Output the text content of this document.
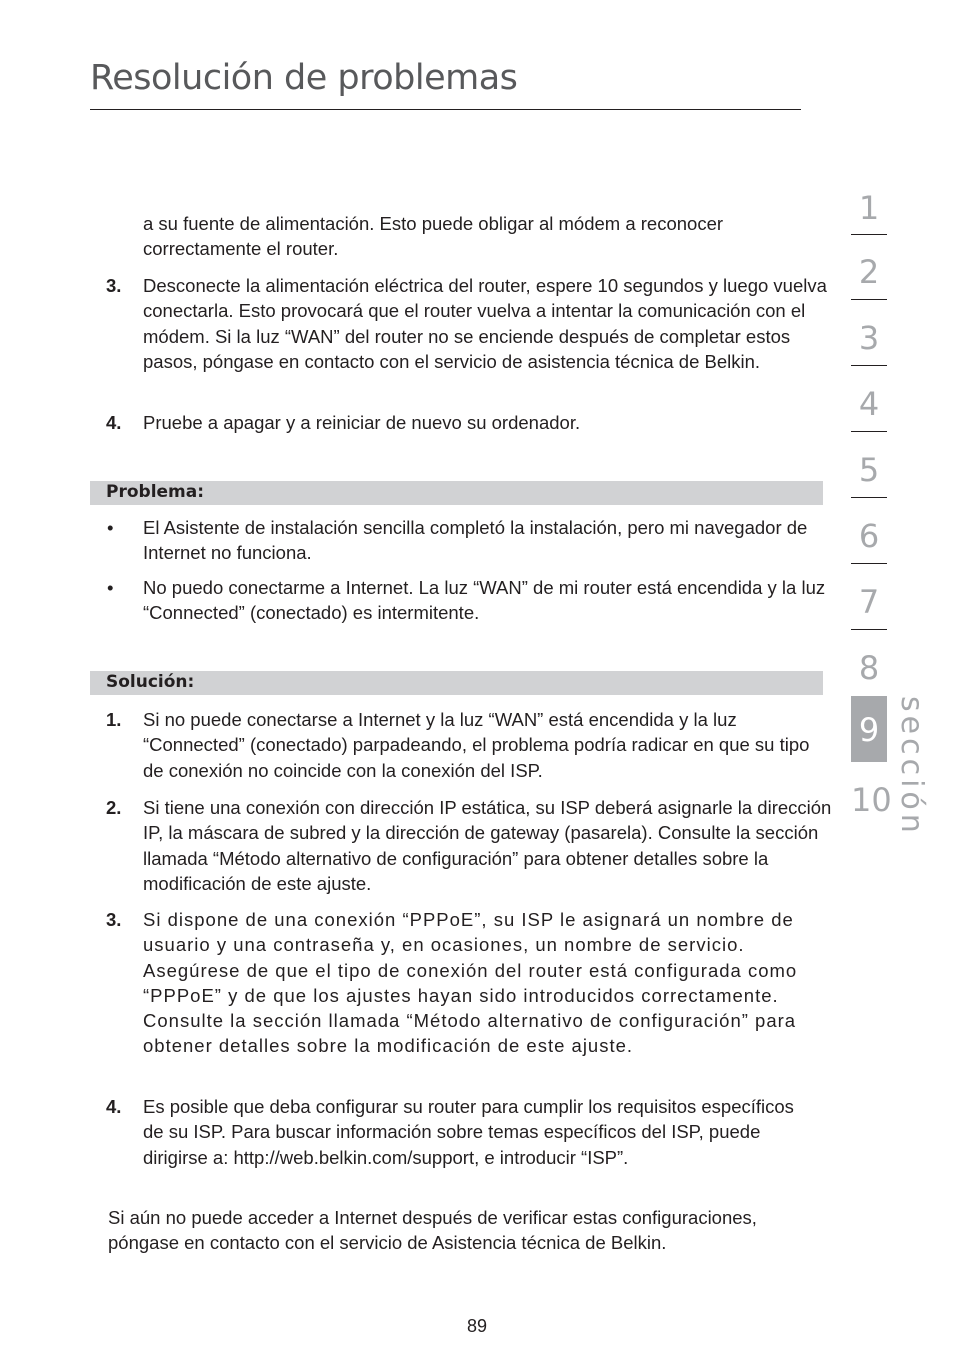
Resolución de problemas

a su fuente de alimentación. Esto puede obligar al módem a reconocer correctamente el router.

3. Desconecte la alimentación eléctrica del router, espere 10 segundos y luego vuelva conectarla. Esto provocará que el router vuelva a intentar la comunicación con el módem. Si la luz “WAN” del router no se enciende después de completar estos pasos, póngase en contacto con el servicio de asistencia técnica de Belkin.

4. Pruebe a apagar y a reiniciar de nuevo su ordenador.

Problema:
• El Asistente de instalación sencilla completó la instalación, pero mi navegador de Internet no funciona.

• No puedo conectarme a Internet. La luz “WAN” de mi router está encendida y la luz “Connected” (conectado) es intermitente.

Solución:
1. Si no puede conectarse a Internet y la luz “WAN” está encendida y la luz “Connected” (conectado) parpadeando, el problema podría radicar en que su tipo de conexión no coincide con la conexión del ISP.

2. Si tiene una conexión con dirección IP estática, su ISP deberá asignarle la dirección IP, la máscara de subred y la dirección de gateway (pasarela). Consulte la sección llamada “Método alternativo de configuración” para obtener detalles sobre la modificación de este ajuste.

3. Si dispone de una conexión “PPPoE”, su ISP le asignará un nombre de usuario y una contraseña y, en ocasiones, un nombre de servicio. Asegúrese de que el tipo de conexión del router está configurada como “PPPoE” y de que los ajustes hayan sido introducidos correctamente. Consulte la sección llamada “Método alternativo de configuración” para obtener detalles sobre la modificación de este ajuste.

4. Es posible que deba configurar su router para cumplir los requisitos específicos de su ISP. Para buscar información sobre temas específicos del ISP, puede dirigirse a: http://web.belkin.com/support, e introducir “ISP”.

Si aún no puede acceder a Internet después de verificar estas configuraciones, póngase en contacto con el servicio de Asistencia técnica de Belkin.

1
2
3
4
5
6
7
8
9
10 sección
89
